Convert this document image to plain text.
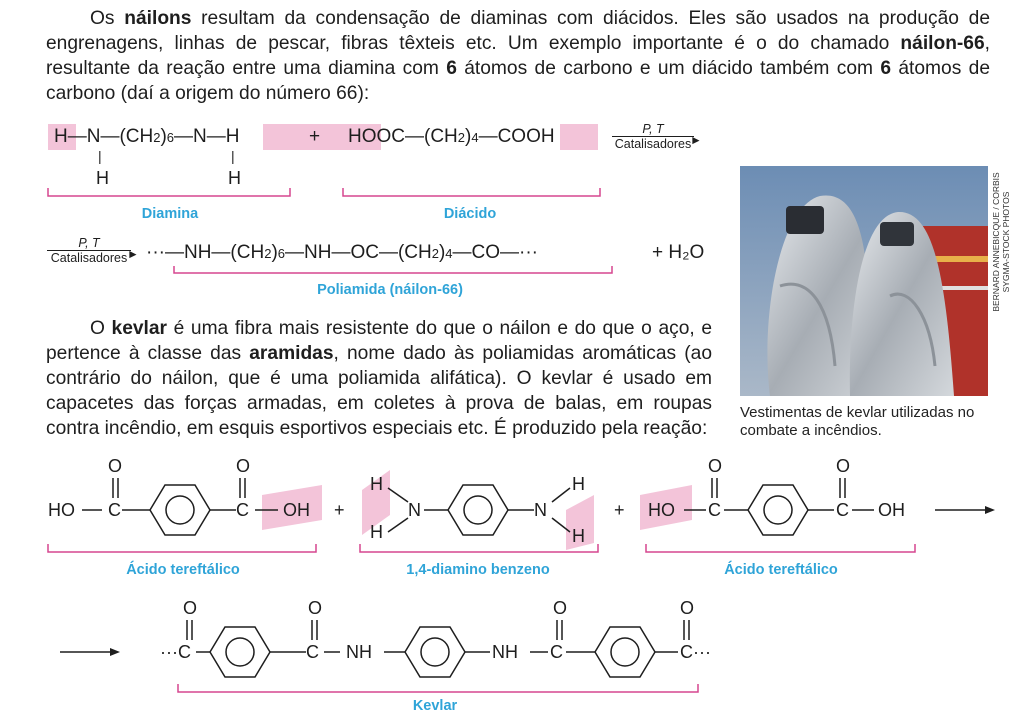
Os náilons resultam da condensação de diaminas com diácidos. Eles são usados na produção de engrenagens, linhas de pescar, fibras têxteis etc. Um exemplo importante é o do chamado náilon-66, resultante da reação entre uma diamina com 6 átomos de carbono e um diácido também com 6 átomos de carbono (daí a origem do número 66):
H—N—(CH2)6—N—H
|	|
H	H
+ HOOC—(CH2)4—COOH	P, T
Catalisadores
►
Diamina	Diácido
P, T
Catalisadores ► ···—NH—(CH2)6—NH—OC—(CH2)4—CO—···	+ H₂O
Poliamida (náilon-66)
O kevlar é uma fibra mais resistente do que o náilon e do que o aço, e pertence à classe das aramidas, nome dado às poliamidas aromáticas (ao contrário do náilon, que é uma poliamida alifática). O kevlar é usado em capacetes das forças armadas, em coletes à prova de balas, em roupas contra incêndio, em esquis esportivos especiais etc. É produzido pela reação:
BERNARD ANNEBICQUE / CORBIS SYGMA-STOCK PHOTOS
Vestimentas de kevlar utilizadas no combate a incêndios.
HO C
O
C
O
OH +
H
H
N	N
H
H
+ HO C
O
C
O
OH
···C
O
C
O
NH	NH C
O
C···
O
Ácido tereftálico	1,4-diamino benzeno	Ácido tereftálico
Kevlar
